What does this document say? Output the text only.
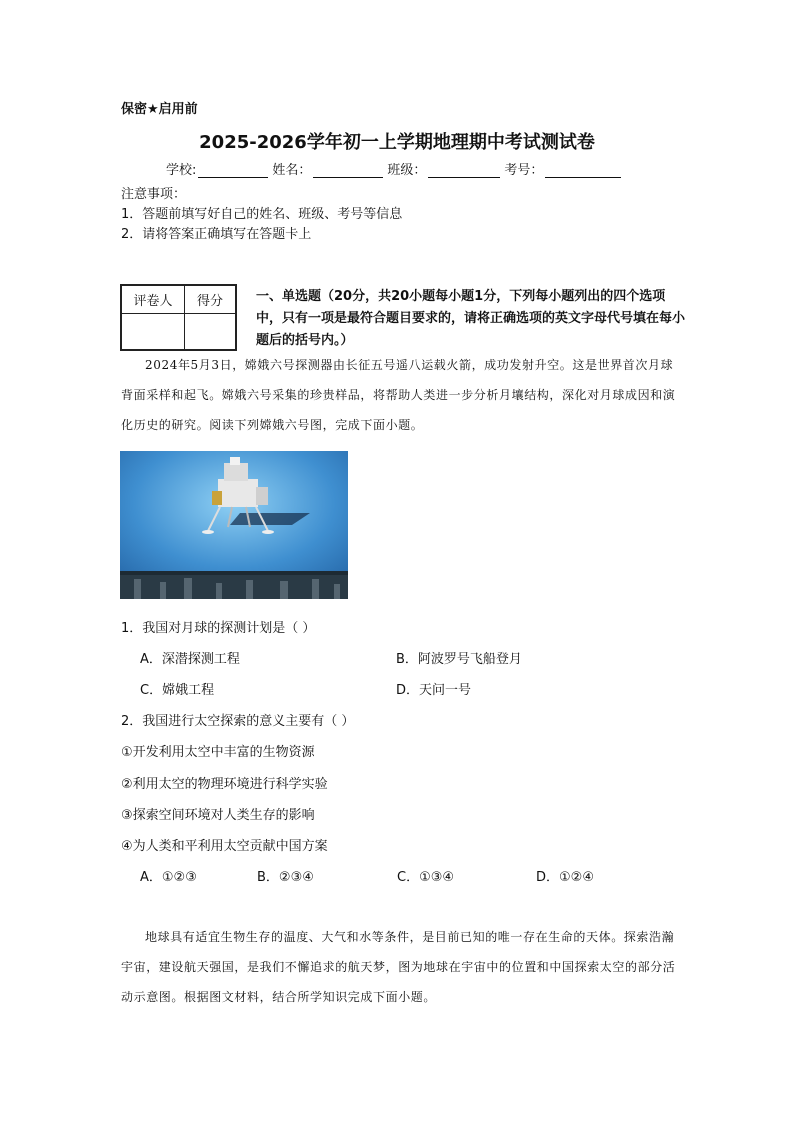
保密★启用前
2025-2026学年初一上学期地理期中考试测试卷
学校:	姓名：	班级：	考号：
注意事项：
1．答题前填写好自己的姓名、班级、考号等信息
2．请将答案正确填写在答题卡上
评卷人	得分
		一、单选题（20分，共20小题每小题1分，下列每小题列出的四个选项中，只有一项是最符合题目要求的，请将正确选项的英文字母代号填在每小题后的括号内。）
2024年5月3日，嫦娥六号探测器由长征五号遥八运载火箭，成功发射升空。这是世界首次月球背面采样和起飞。嫦娥六号采集的珍贵样品，将帮助人类进一步分析月壤结构，深化对月球成因和演化历史的研究。阅读下列嫦娥六号图，完成下面小题。
1．我国对月球的探测计划是（ ）
A．深潜探测工程	B．阿波罗号飞船登月
C．嫦娥工程	D．天问一号
2．我国进行太空探索的意义主要有（ ）
①开发利用太空中丰富的生物资源
②利用太空的物理环境进行科学实验
③探索空间环境对人类生存的影响
④为人类和平利用太空贡献中国方案
A．①②③	B．②③④	C．①③④	D．①②④
地球具有适宜生物生存的温度、大气和水等条件，是目前已知的唯一存在生命的天体。探索浩瀚宇宙，建设航天强国，是我们不懈追求的航天梦，图为地球在宇宙中的位置和中国探索太空的部分活动示意图。根据图文材料，结合所学知识完成下面小题。
